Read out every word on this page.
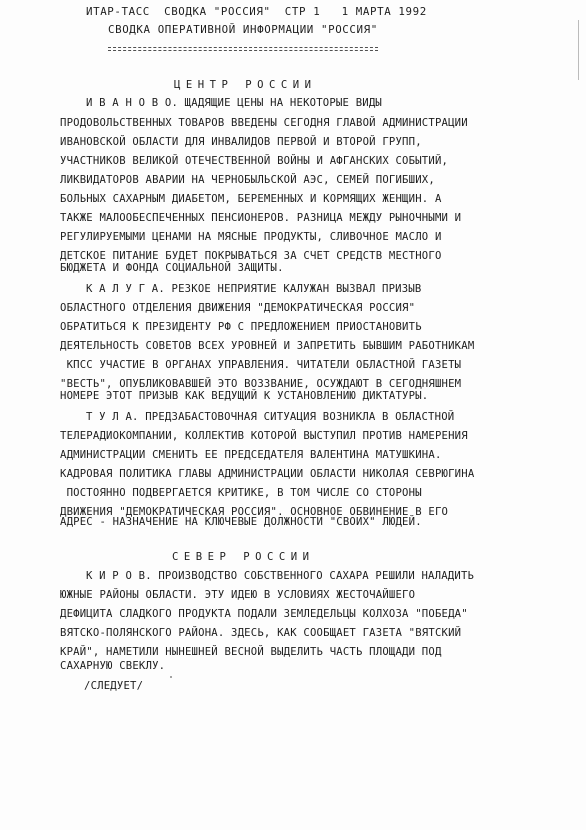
ИТАР-ТАСС  СВОДКА "РОССИЯ"  СТР 1   1 МАРТА 1992
СВОДКА ОПЕРАТИВНОЙ ИНФОРМАЦИИ "РОССИЯ"
ЦЕНТР РОССИИ
И В А Н О В О. ЩАДЯЩИЕ ЦЕНЫ НА НЕКОТОРЫЕ ВИДЫ
ПРОДОВОЛЬСТВЕННЫХ ТОВАРОВ ВВЕДЕНЫ СЕГОДНЯ ГЛАВОЙ АДМИНИСТРАЦИИ
ИВАНОВСКОЙ ОБЛАСТИ ДЛЯ ИНВАЛИДОВ ПЕРВОЙ И ВТОРОЙ ГРУПП,
УЧАСТНИКОВ ВЕЛИКОЙ ОТЕЧЕСТВЕННОЙ ВОЙНЫ И АФГАНСКИХ СОБЫТИЙ,
ЛИКВИДАТОРОВ АВАРИИ НА ЧЕРНОБЫЛЬСКОЙ АЭС, СЕМЕЙ ПОГИБШИХ,
БОЛЬНЫХ САХАРНЫМ ДИАБЕТОМ, БЕРЕМЕННЫХ И КОРМЯЩИХ ЖЕНЩИН. А
ТАКЖЕ МАЛООБЕСПЕЧЕННЫХ ПЕНСИОНЕРОВ. РАЗНИЦА МЕЖДУ РЫНОЧНЫМИ И
РЕГУЛИРУЕМЫМИ ЦЕНАМИ НА МЯСНЫЕ ПРОДУКТЫ, СЛИВОЧНОЕ МАСЛО И
ДЕТСКОЕ ПИТАНИЕ БУДЕТ ПОКРЫВАТЬСЯ ЗА СЧЕТ СРЕДСТВ МЕСТНОГО
БЮДЖЕТА И ФОНДА СОЦИАЛЬНОЙ ЗАЩИТЫ.
К А Л У Г А. РЕЗКОЕ НЕПРИЯТИЕ КАЛУЖАН ВЫЗВАЛ ПРИЗЫВ
ОБЛАСТНОГО ОТДЕЛЕНИЯ ДВИЖЕНИЯ "ДЕМОКРАТИЧЕСКАЯ РОССИЯ"
ОБРАТИТЬСЯ К ПРЕЗИДЕНТУ РФ С ПРЕДЛОЖЕНИЕМ ПРИОСТАНОВИТЬ
ДЕЯТЕЛЬНОСТЬ СОВЕТОВ ВСЕХ УРОВНЕЙ И ЗАПРЕТИТЬ БЫВШИМ РАБОТНИКАМ
КПСС УЧАСТИЕ В ОРГАНАХ УПРАВЛЕНИЯ. ЧИТАТЕЛИ ОБЛАСТНОЙ ГАЗЕТЫ
"ВЕСТЬ", ОПУБЛИКОВАВШЕЙ ЭТО ВОЗЗВАНИЕ, ОСУЖДАЮТ В СЕГОДНЯШНЕМ
НОМЕРЕ ЭТОТ ПРИЗЫВ КАК ВЕДУЩИЙ К УСТАНОВЛЕНИЮ ДИКТАТУРЫ.
Т У Л А. ПРЕДЗАБАСТОВОЧНАЯ СИТУАЦИЯ ВОЗНИКЛА В ОБЛАСТНОЙ
ТЕЛЕРАДИОКОМПАНИИ, КОЛЛЕКТИВ КОТОРОЙ ВЫСТУПИЛ ПРОТИВ НАМЕРЕНИЯ
АДМИНИСТРАЦИИ СМЕНИТЬ ЕЕ ПРЕДСЕДАТЕЛЯ ВАЛЕНТИНА МАТУШКИНА.
КАДРОВАЯ ПОЛИТИКА ГЛАВЫ АДМИНИСТРАЦИИ ОБЛАСТИ НИКОЛАЯ СЕВРЮГИНА
ПОСТОЯННО ПОДВЕРГАЕТСЯ КРИТИКЕ, В ТОМ ЧИСЛЕ СО СТОРОНЫ
ДВИЖЕНИЯ "ДЕМОКРАТИЧЕСКАЯ РОССИЯ". ОСНОВНОЕ ОБВИНЕНИЕ В ЕГО
АДРЕС - НАЗНАЧЕНИЕ НА КЛЮЧЕВЫЕ ДОЛЖНОСТИ "СВОИХ" ЛЮДЕЙ.
СЕВЕР РОССИИ
К И Р О В. ПРОИЗВОДСТВО СОБСТВЕННОГО САХАРА РЕШИЛИ НАЛАДИТЬ
ЮЖНЫЕ РАЙОНЫ ОБЛАСТИ. ЭТУ ИДЕЮ В УСЛОВИЯХ ЖЕСТОЧАЙШЕГО
ДЕФИЦИТА СЛАДКОГО ПРОДУКТА ПОДАЛИ ЗЕМЛЕДЕЛЬЦЫ КОЛХОЗА "ПОБЕДА"
ВЯТСКО-ПОЛЯНСКОГО РАЙОНА. ЗДЕСЬ, КАК СООБЩАЕТ ГАЗЕТА "ВЯТСКИЙ
КРАЙ", НАМЕТИЛИ НЫНЕШНЕЙ ВЕСНОЙ ВЫДЕЛИТЬ ЧАСТЬ ПЛОЩАДИ ПОД
САХАРНУЮ СВЕКЛУ.
/СЛЕДУЕТ/
